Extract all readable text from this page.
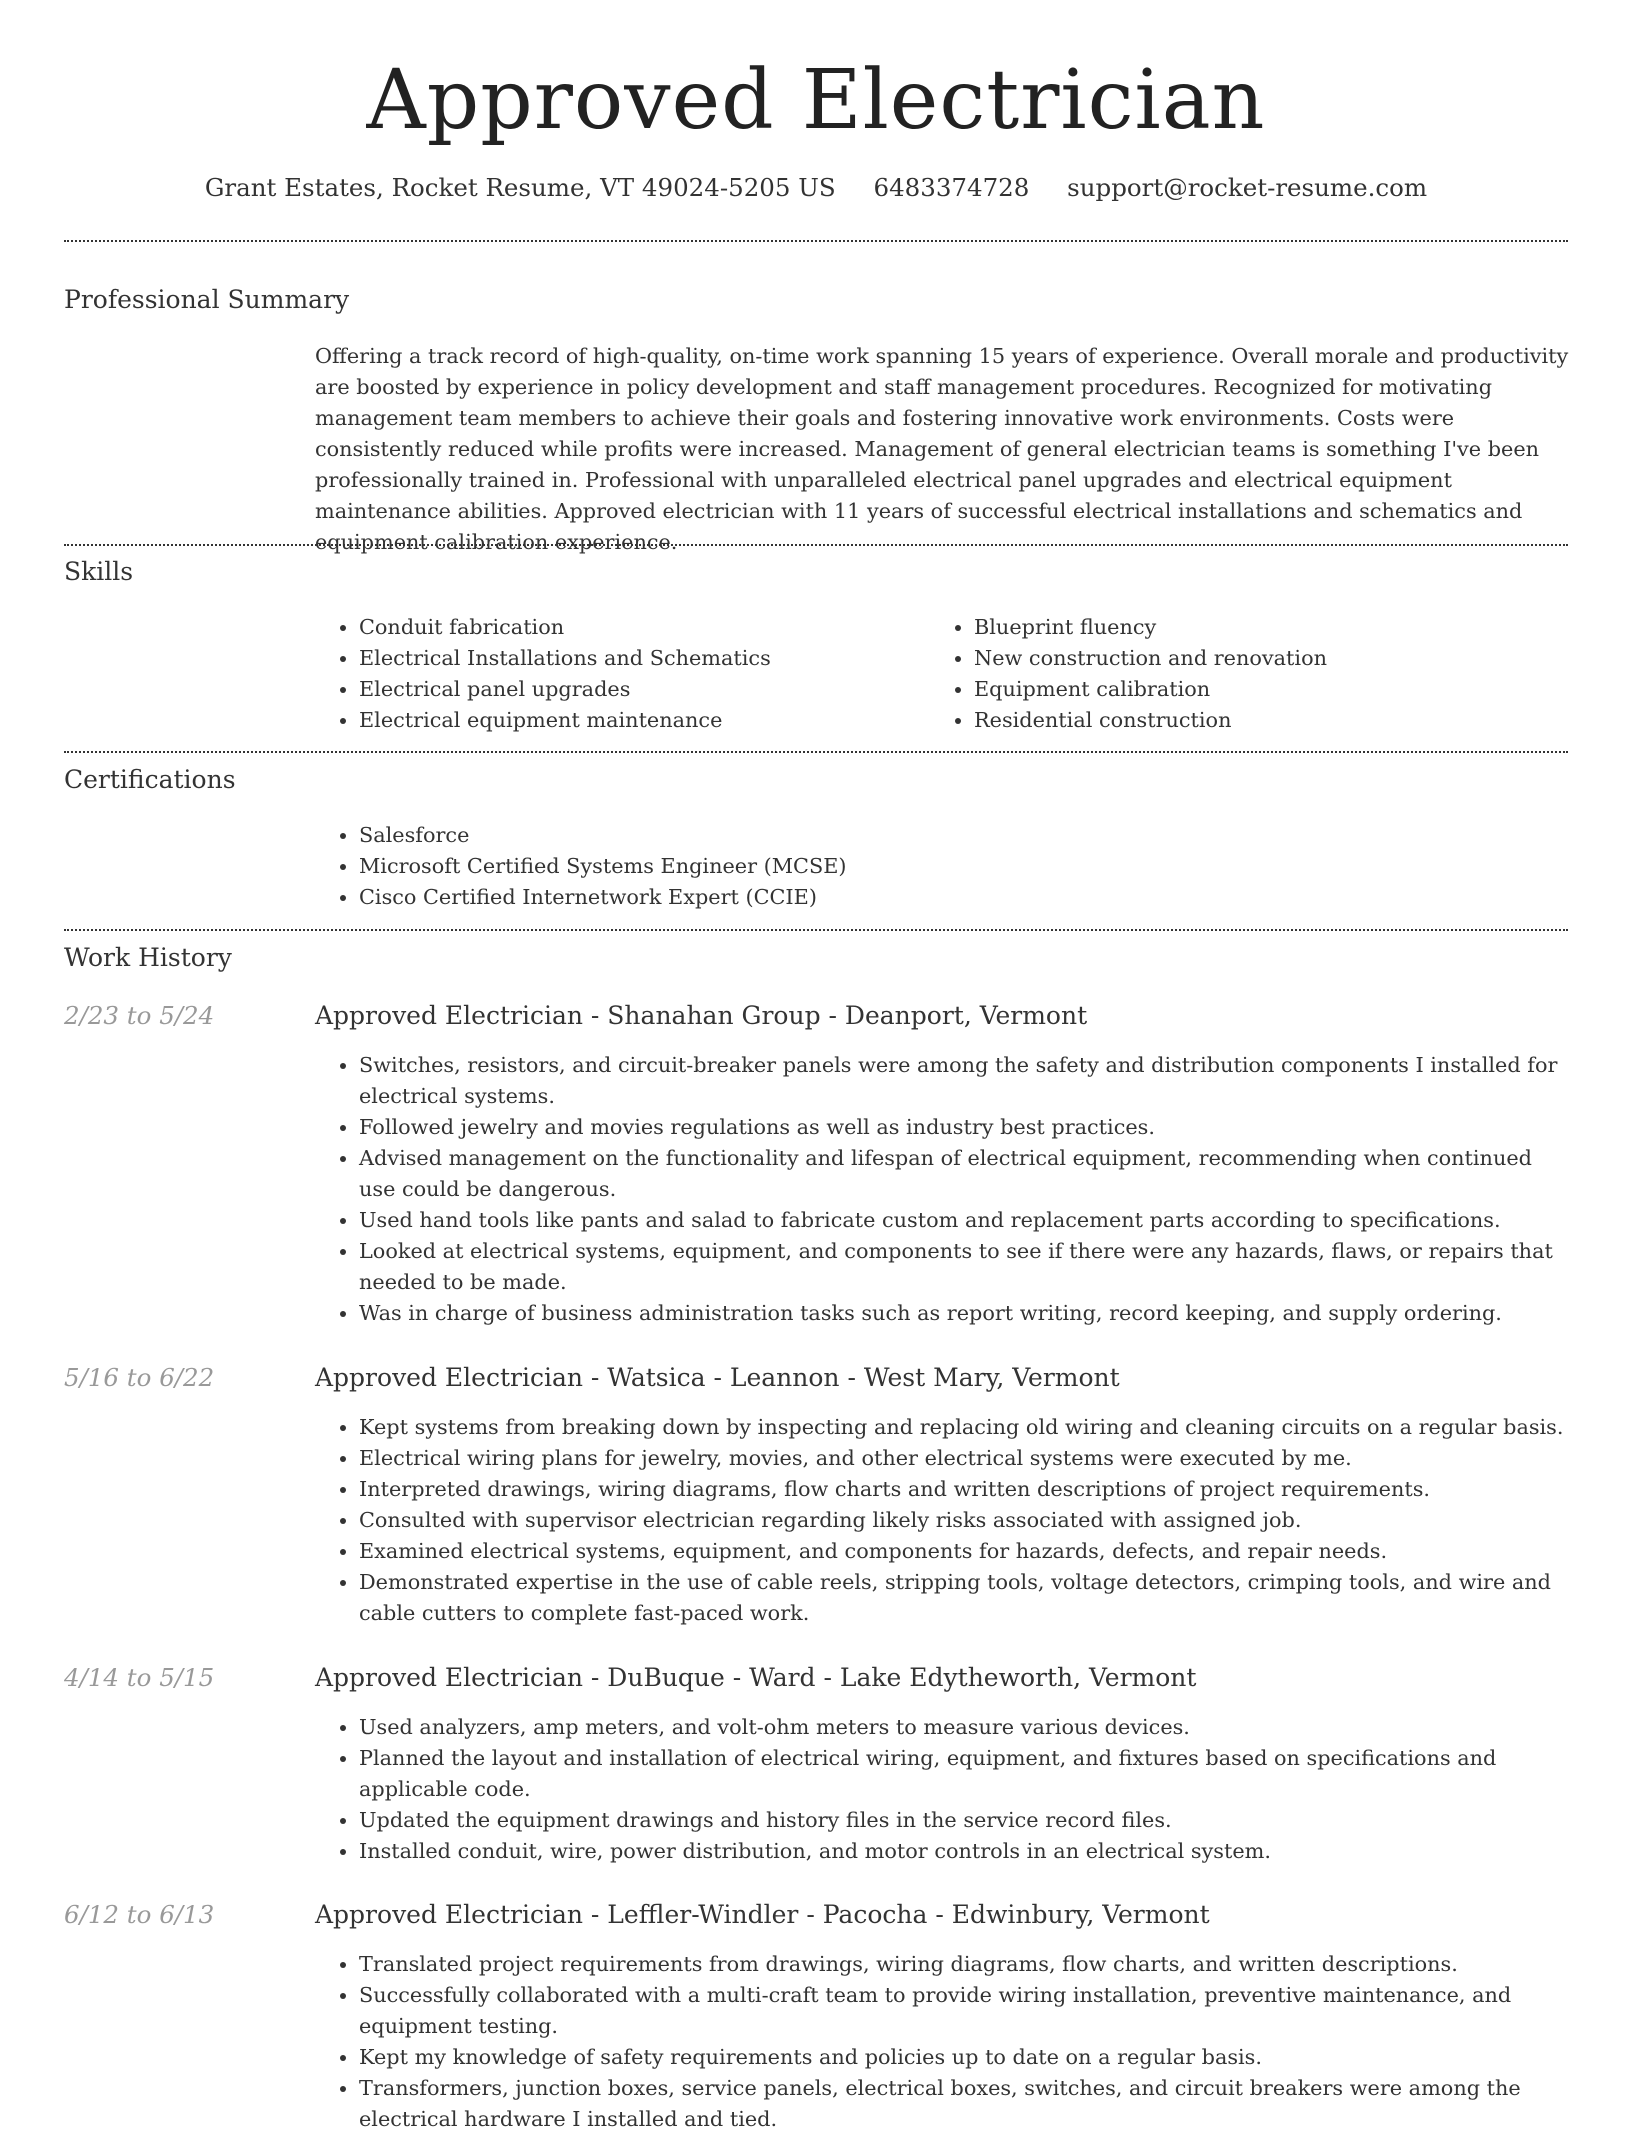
Approved Electrician
Grant Estates, Rocket Resume, VT 49024-5205 US 6483374728 support@rocket-resume.com
Professional Summary

Offering a track record of high-quality, on-time work spanning 15 years of experience. Overall morale and productivity are boosted by experience in policy development and staff management procedures. Recognized for motivating management team members to achieve their goals and fostering innovative work environments. Costs were consistently reduced while profits were increased. Management of general electrician teams is something I've been professionally trained in. Professional with unparalleled electrical panel upgrades and electrical equipment maintenance abilities. Approved electrician with 11 years of successful electrical installations and schematics and equipment calibration experience.

Skills
• Conduit fabrication
• Electrical Installations and Schematics
• Electrical panel upgrades
• Electrical equipment maintenance
• Blueprint fluency
• New construction and renovation
• Equipment calibration
• Residential construction
Certifications
• Salesforce
• Microsoft Certified Systems Engineer (MCSE)
• Cisco Certified Internetwork Expert (CCIE)
Work History
2/23 to 5/24	Approved Electrician - Shanahan Group - Deanport, Vermont
• Switches, resistors, and circuit-breaker panels were among the safety and distribution components I installed for electrical systems.
• Followed jewelry and movies regulations as well as industry best practices.
• Advised management on the functionality and lifespan of electrical equipment, recommending when continued use could be dangerous.
• Used hand tools like pants and salad to fabricate custom and replacement parts according to specifications.
• Looked at electrical systems, equipment, and components to see if there were any hazards, flaws, or repairs that needed to be made.
• Was in charge of business administration tasks such as report writing, record keeping, and supply ordering.
5/16 to 6/22	Approved Electrician - Watsica - Leannon - West Mary, Vermont
• Kept systems from breaking down by inspecting and replacing old wiring and cleaning circuits on a regular basis.
• Electrical wiring plans for jewelry, movies, and other electrical systems were executed by me.
• Interpreted drawings, wiring diagrams, flow charts and written descriptions of project requirements.
• Consulted with supervisor electrician regarding likely risks associated with assigned job.
• Examined electrical systems, equipment, and components for hazards, defects, and repair needs.
• Demonstrated expertise in the use of cable reels, stripping tools, voltage detectors, crimping tools, and wire and cable cutters to complete fast-paced work.
4/14 to 5/15	Approved Electrician - DuBuque - Ward - Lake Edytheworth, Vermont
• Used analyzers, amp meters, and volt-ohm meters to measure various devices.
• Planned the layout and installation of electrical wiring, equipment, and fixtures based on specifications and applicable code.
• Updated the equipment drawings and history files in the service record files.
• Installed conduit, wire, power distribution, and motor controls in an electrical system.
6/12 to 6/13	Approved Electrician - Leffler-Windler - Pacocha - Edwinbury, Vermont
• Translated project requirements from drawings, wiring diagrams, flow charts, and written descriptions.
• Successfully collaborated with a multi-craft team to provide wiring installation, preventive maintenance, and equipment testing.
• Kept my knowledge of safety requirements and policies up to date on a regular basis.
• Transformers, junction boxes, service panels, electrical boxes, switches, and circuit breakers were among the electrical hardware I installed and tied.
